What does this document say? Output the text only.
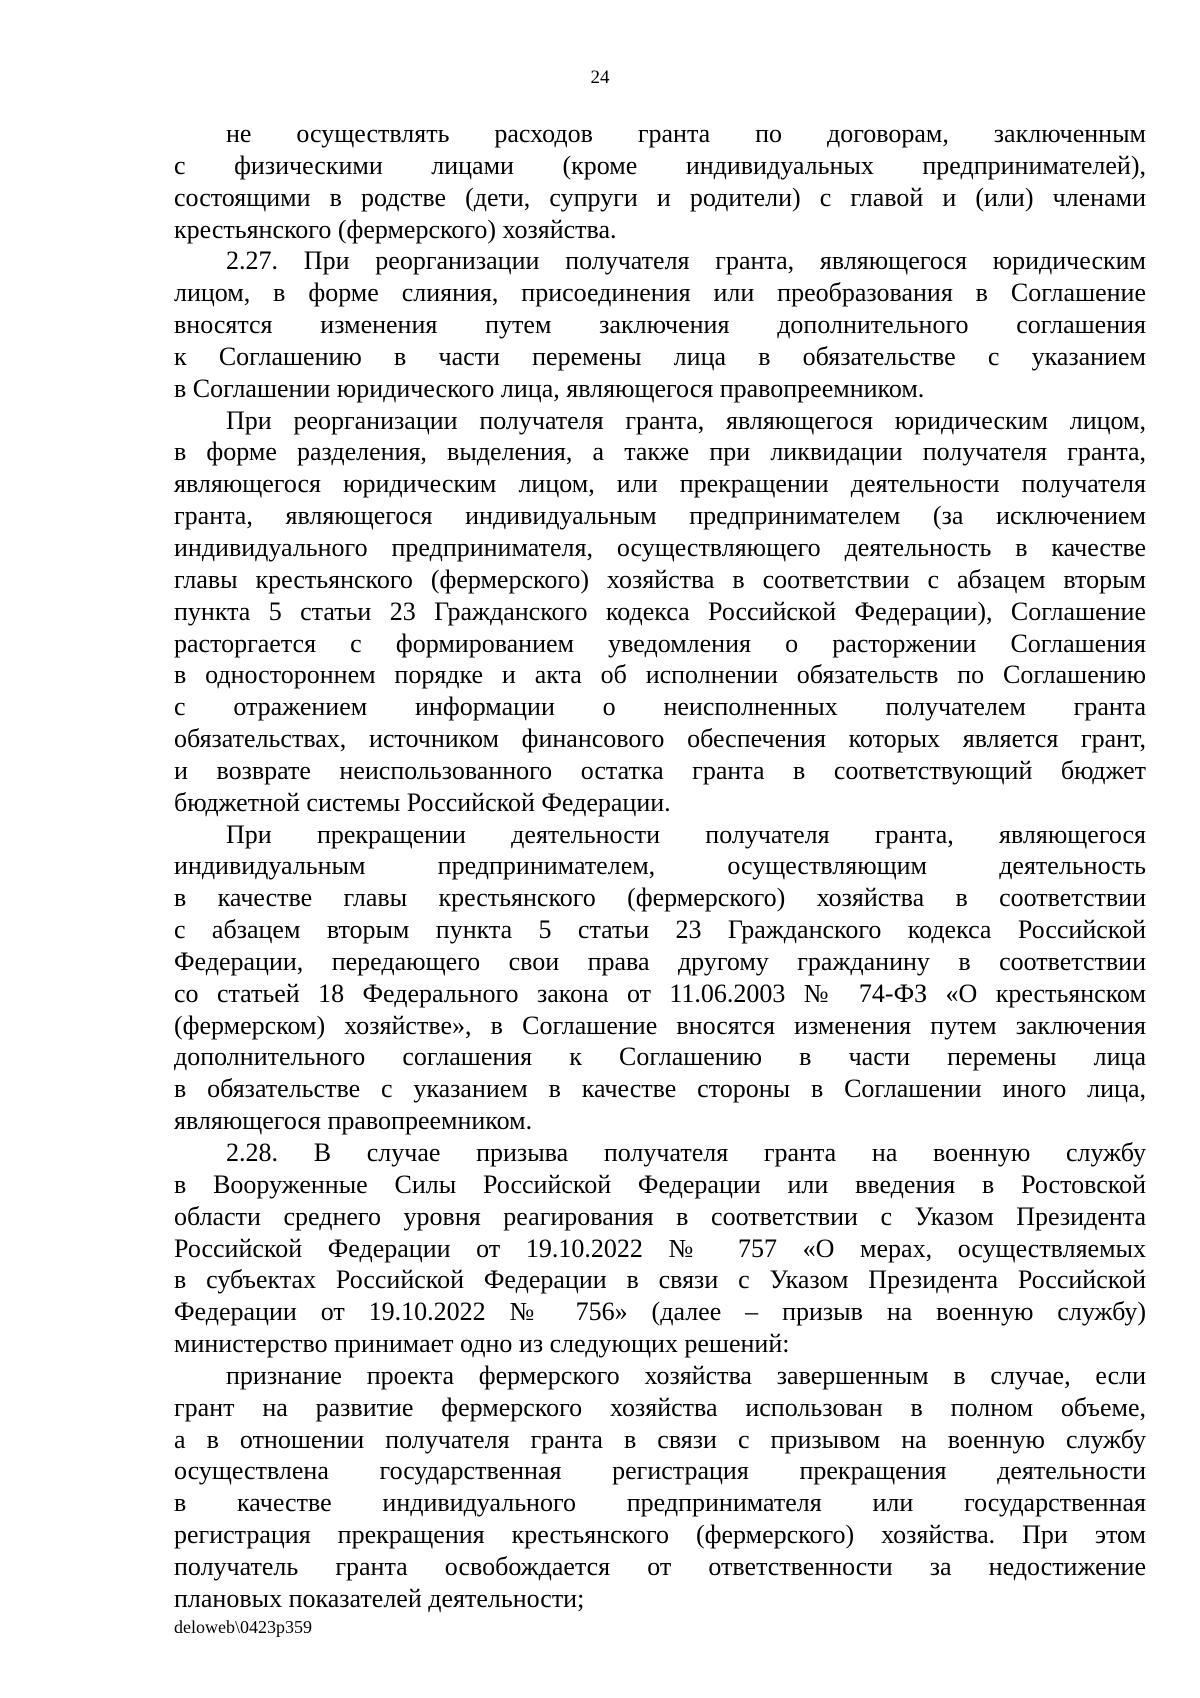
24
не осуществлять расходов гранта по договорам, заключенным
с физическими лицами (кроме индивидуальных предпринимателей),
состоящими в родстве (дети, супруги и родители) с главой и (или) членами
крестьянского (фермерского) хозяйства.
2.27. При реорганизации получателя гранта, являющегося юридическим
лицом, в форме слияния, присоединения или преобразования в Соглашение
вносятся изменения путем заключения дополнительного соглашения
к Соглашению в части перемены лица в обязательстве с указанием
в Соглашении юридического лица, являющегося правопреемником.
При реорганизации получателя гранта, являющегося юридическим лицом,
в форме разделения, выделения, а также при ликвидации получателя гранта,
являющегося юридическим лицом, или прекращении деятельности получателя
гранта, являющегося индивидуальным предпринимателем (за исключением
индивидуального предпринимателя, осуществляющего деятельность в качестве
главы крестьянского (фермерского) хозяйства в соответствии с абзацем вторым
пункта 5 статьи 23 Гражданского кодекса Российской Федерации), Соглашение
расторгается с формированием уведомления о расторжении Соглашения
в одностороннем порядке и акта об исполнении обязательств по Соглашению
с отражением информации о неисполненных получателем гранта
обязательствах, источником финансового обеспечения которых является грант,
и возврате неиспользованного остатка гранта в соответствующий бюджет
бюджетной системы Российской Федерации.
При прекращении деятельности получателя гранта, являющегося
индивидуальным предпринимателем, осуществляющим деятельность
в качестве главы крестьянского (фермерского) хозяйства в соответствии
с абзацем вторым пункта 5 статьи 23 Гражданского кодекса Российской
Федерации, передающего свои права другому гражданину в соответствии
со статьей 18 Федерального закона от 11.06.2003 № 74-ФЗ «О крестьянском
(фермерском) хозяйстве», в Соглашение вносятся изменения путем заключения
дополнительного соглашения к Соглашению в части перемены лица
в обязательстве с указанием в качестве стороны в Соглашении иного лица,
являющегося правопреемником.
2.28. В случае призыва получателя гранта на военную службу
в Вооруженные Силы Российской Федерации или введения в Ростовской
области среднего уровня реагирования в соответствии с Указом Президента
Российской Федерации от 19.10.2022 № 757 «О мерах, осуществляемых
в субъектах Российской Федерации в связи с Указом Президента Российской
Федерации от 19.10.2022 № 756» (далее – призыв на военную службу)
министерство принимает одно из следующих решений:
признание проекта фермерского хозяйства завершенным в случае, если
грант на развитие фермерского хозяйства использован в полном объеме,
а в отношении получателя гранта в связи с призывом на военную службу
осуществлена государственная регистрация прекращения деятельности
в качестве индивидуального предпринимателя или государственная
регистрация прекращения крестьянского (фермерского) хозяйства. При этом
получатель гранта освобождается от ответственности за недостижение
плановых показателей деятельности;
deloweb\0423p359
